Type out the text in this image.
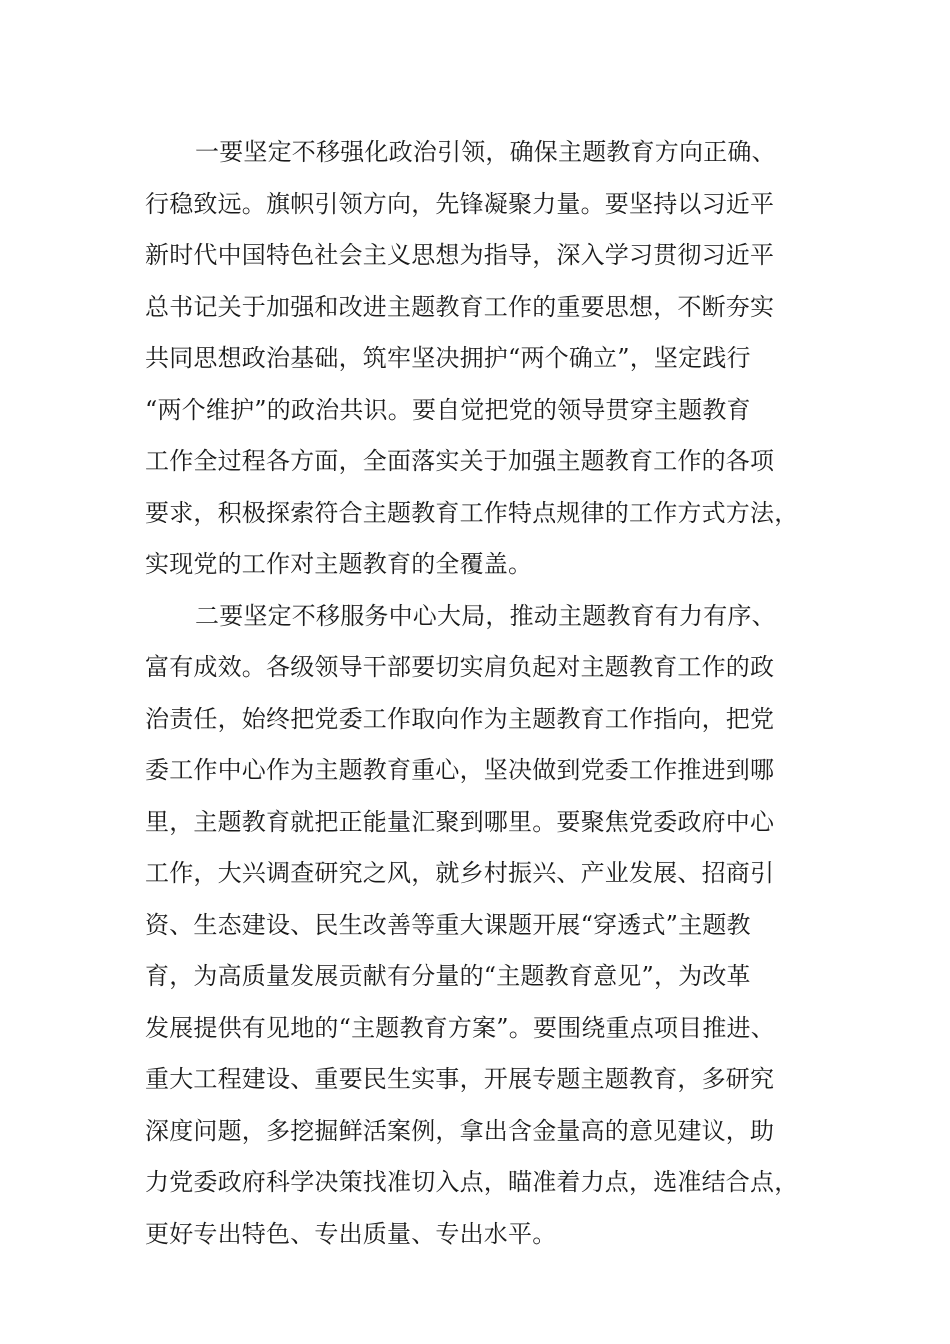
一要坚定不移强化政治引领，确保主题教育方向正确、
行稳致远。旗帜引领方向，先锋凝聚力量。要坚持以习近平
新时代中国特色社会主义思想为指导，深入学习贯彻习近平
总书记关于加强和改进主题教育工作的重要思想，不断夯实
共同思想政治基础，筑牢坚决拥护“两个确立”，坚定践行
“两个维护”的政治共识。要自觉把党的领导贯穿主题教育
工作全过程各方面，全面落实关于加强主题教育工作的各项
要求，积极探索符合主题教育工作特点规律的工作方式方法，
实现党的工作对主题教育的全覆盖。
二要坚定不移服务中心大局，推动主题教育有力有序、
富有成效。各级领导干部要切实肩负起对主题教育工作的政
治责任，始终把党委工作取向作为主题教育工作指向，把党
委工作中心作为主题教育重心，坚决做到党委工作推进到哪
里，主题教育就把正能量汇聚到哪里。要聚焦党委政府中心
工作，大兴调查研究之风，就乡村振兴、产业发展、招商引
资、生态建设、民生改善等重大课题开展“穿透式”主题教
育，为高质量发展贡献有分量的“主题教育意见”，为改革
发展提供有见地的“主题教育方案”。要围绕重点项目推进、
重大工程建设、重要民生实事，开展专题主题教育，多研究
深度问题，多挖掘鲜活案例，拿出含金量高的意见建议，助
力党委政府科学决策找准切入点，瞄准着力点，选准结合点，
更好专出特色、专出质量、专出水平。
